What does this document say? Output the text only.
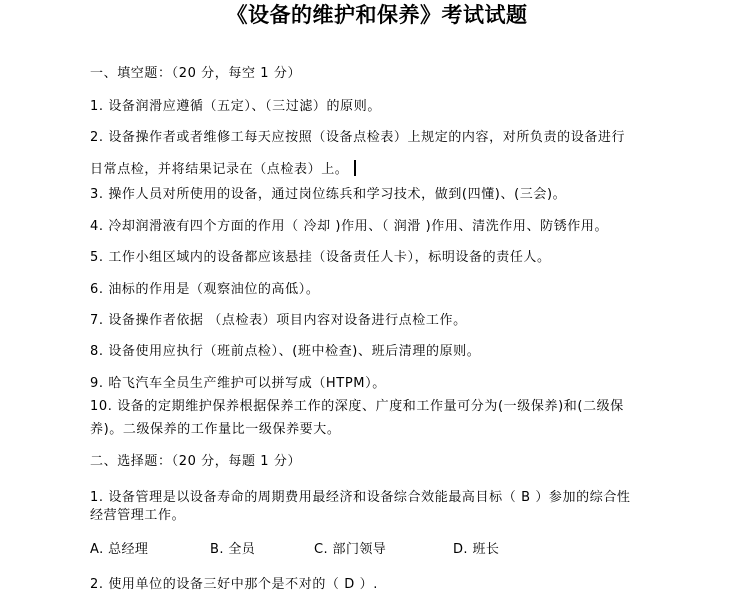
《设备的维护和保养》考试试题
一、填空题：（20 分，每空 1 分）
1. 设备润滑应遵循（五定）、（三过滤）的原则。
2. 设备操作者或者维修工每天应按照（设备点检表）上规定的内容，对所负责的设备进行
日常点检，并将结果记录在（点检表）上。
3. 操作人员对所使用的设备，通过岗位练兵和学习技术，做到(四懂)、(三会)。
4. 冷却润滑液有四个方面的作用（ 冷却 )作用、（ 润滑 )作用、清洗作用、防锈作用。
5. 工作小组区域内的设备都应该悬挂（设备责任人卡），标明设备的责任人。
6. 油标的作用是（观察油位的高低）。
7. 设备操作者依据 （点检表）项目内容对设备进行点检工作。
8. 设备使用应执行（班前点检）、(班中检查)、班后清理的原则。
9. 哈飞汽车全员生产维护可以拼写成（HTPM）。
10. 设备的定期维护保养根据保养工作的深度、广度和工作量可分为(一级保养)和(二级保
养)。二级保养的工作量比一级保养要大。
二、选择题：（20 分，每题 1 分）
1. 设备管理是以设备寿命的周期费用最经济和设备综合效能最高目标（ B ）参加的综合性
经营管理工作。
A. 总经理	B. 全员	C. 部门领导	D. 班长
2. 使用单位的设备三好中那个是不对的（ D ）.
